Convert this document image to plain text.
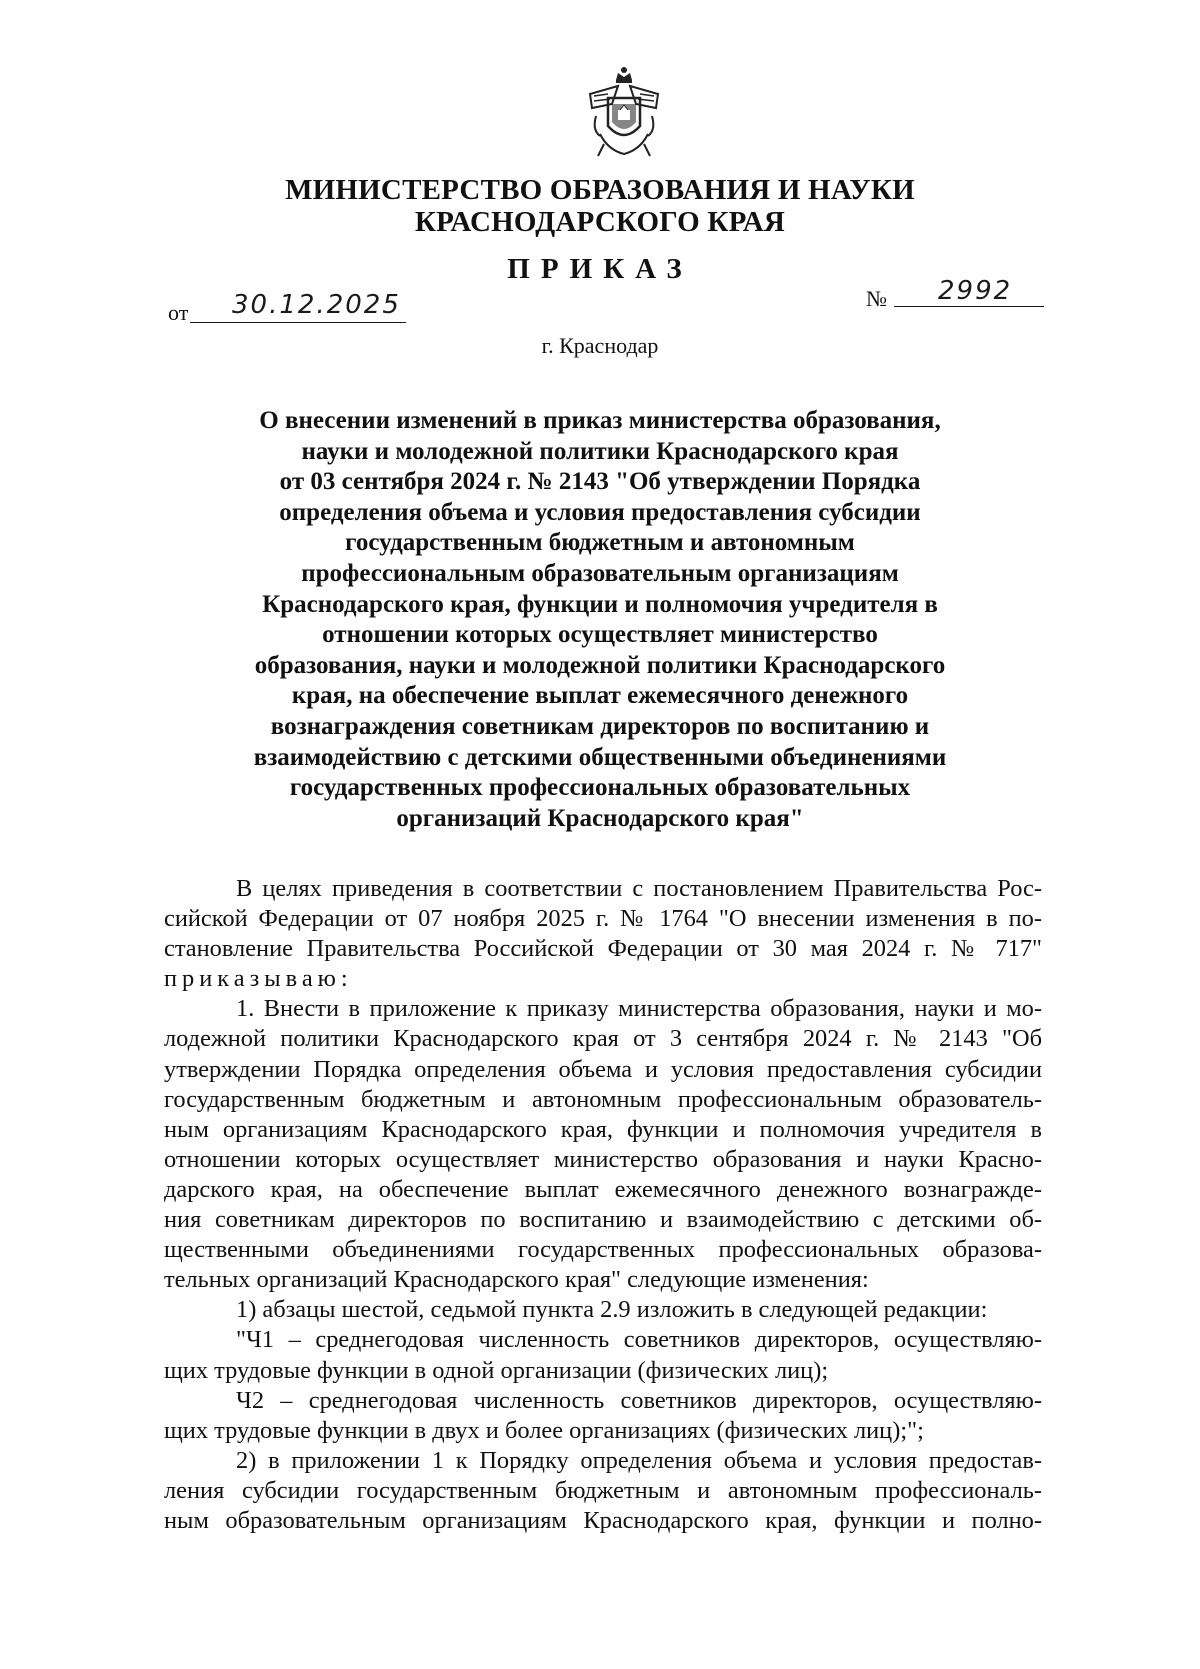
МИНИСТЕРСТВО ОБРАЗОВАНИЯ И НАУКИ
КРАСНОДАРСКОГО КРАЯ
ПРИКАЗ
от 30.12.2025	№ 2992
г. Краснодар
О внесении изменений в приказ министерства образования,
науки и молодежной политики Краснодарского края
от 03 сентября 2024 г. № 2143 "Об утверждении Порядка
определения объема и условия предоставления субсидии
государственным бюджетным и автономным
профессиональным образовательным организациям
Краснодарского края, функции и полномочия учредителя в
отношении которых осуществляет министерство
образования, науки и молодежной политики Краснодарского
края, на обеспечение выплат ежемесячного денежного
вознаграждения советникам директоров по воспитанию и
взаимодействию с детскими общественными объединениями
государственных профессиональных образовательных
организаций Краснодарского края"
В целях приведения в соответствии с постановлением Правительства Рос-
сийской Федерации от 07 ноября 2025 г. № 1764 "О внесении изменения в по-
становление Правительства Российской Федерации от 30 мая 2024 г. № 717"
приказываю:
1. Внести в приложение к приказу министерства образования, науки и мо-
лодежной политики Краснодарского края от 3 сентября 2024 г. № 2143 "Об
утверждении Порядка определения объема и условия предоставления субсидии
государственным бюджетным и автономным профессиональным образователь-
ным организациям Краснодарского края, функции и полномочия учредителя в
отношении которых осуществляет министерство образования и науки Красно-
дарского края, на обеспечение выплат ежемесячного денежного вознагражде-
ния советникам директоров по воспитанию и взаимодействию с детскими об-
щественными объединениями государственных профессиональных образова-
тельных организаций Краснодарского края" следующие изменения:
1) абзацы шестой, седьмой пункта 2.9 изложить в следующей редакции:
"Ч1 – среднегодовая численность советников директоров, осуществляю-
щих трудовые функции в одной организации (физических лиц);
Ч2 – среднегодовая численность советников директоров, осуществляю-
щих трудовые функции в двух и более организациях (физических лиц);";
2) в приложении 1 к Порядку определения объема и условия предостав-
ления субсидии государственным бюджетным и автономным профессиональ-
ным образовательным организациям Краснодарского края, функции и полно-
